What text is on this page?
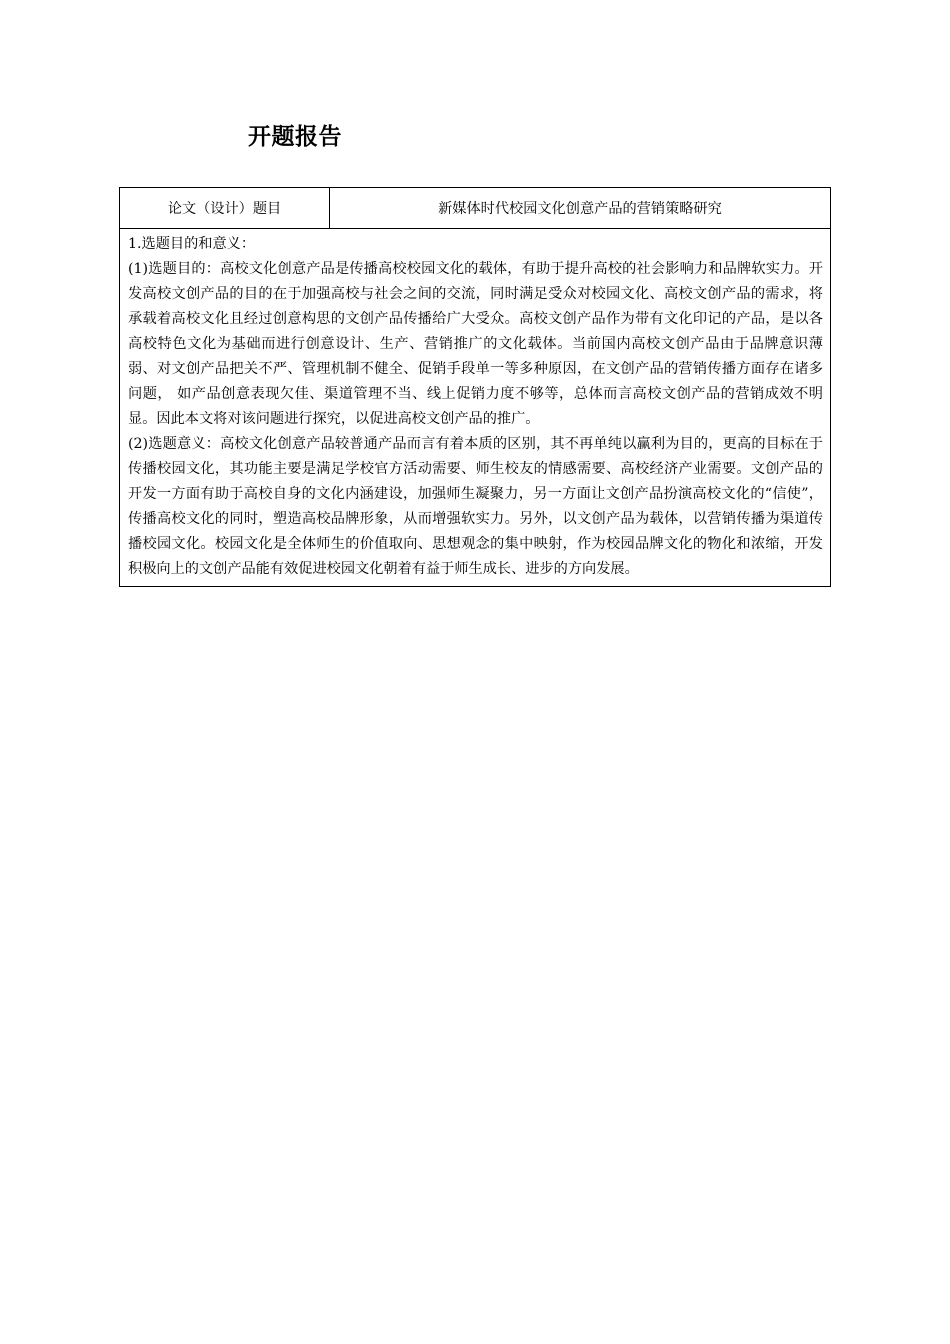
开题报告
论文（设计）题目	新媒体时代校园文化创意产品的营销策略研究

1.选题目的和意义：

(1)选题目的：高校文化创意产品是传播高校校园文化的载体，有助于提升高校的社会影响力和品牌软实力。开发高校文创产品的目的在于加强高校与社会之间的交流，同时满足受众对校园文化、高校文创产品的需求，将承载着高校文化且经过创意构思的文创产品传播给广大受众。高校文创产品作为带有文化印记的产品，是以各高校特色文化为基础而进行创意设计、生产、营销推广的文化载体。当前国内高校文创产品由于品牌意识薄弱、对文创产品把关不严、管理机制不健全、促销手段单一等多种原因，在文创产品的营销传播方面存在诸多问题， 如产品创意表现欠佳、渠道管理不当、线上促销力度不够等，总体而言高校文创产品的营销成效不明显。因此本文将对该问题进行探究，以促进高校文创产品的推广。

(2)选题意义：高校文化创意产品较普通产品而言有着本质的区别，其不再单纯以赢利为目的，更高的目标在于传播校园文化，其功能主要是满足学校官方活动需要、师生校友的情感需要、高校经济产业需要。文创产品的开发一方面有助于高校自身的文化内涵建设，加强师生凝聚力，另一方面让文创产品扮演高校文化的“信使”，传播高校文化的同时，塑造高校品牌形象，从而增强软实力。另外，以文创产品为载体，以营销传播为渠道传播校园文化。校园文化是全体师生的价值取向、思想观念的集中映射，作为校园品牌文化的物化和浓缩，开发积极向上的文创产品能有效促进校园文化朝着有益于师生成长、进步的方向发展。
